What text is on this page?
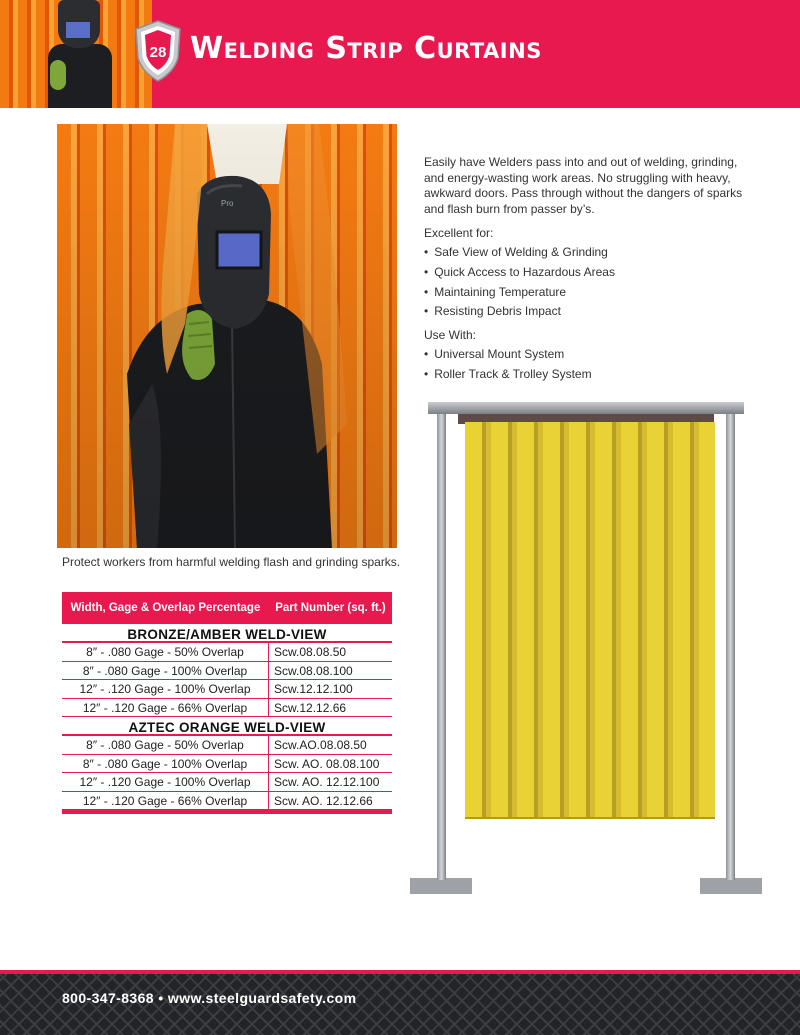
28 Welding Strip Curtains
Protect workers from harmful welding flash and grinding sparks.
Width, Gage & Overlap Percentage	Part Number (sq. ft.)
BRONZE/AMBER WELD-VIEW
8″ - .080 Gage - 50% Overlap	Scw.08.08.50
8″ - .080 Gage - 100% Overlap	Scw.08.08.100
12″ - .120 Gage - 100% Overlap	Scw.12.12.100
12″ - .120 Gage - 66% Overlap	Scw.12.12.66
AZTEC ORANGE WELD-VIEW
8″ - .080 Gage - 50% Overlap	Scw.AO.08.08.50
8″ - .080 Gage - 100% Overlap	Scw. AO. 08.08.100
12″ - .120 Gage - 100% Overlap	Scw. AO. 12.12.100
12″ - .120 Gage - 66% Overlap	Scw. AO. 12.12.66
Easily have Welders pass into and out of welding, grinding, and energy-wasting work areas. No struggling with heavy, awkward doors. Pass through without the dangers of sparks and flash burn from passer by’s.
Excellent for:
• Safe View of Welding & Grinding
• Quick Access to Hazardous Areas
• Maintaining Temperature
• Resisting Debris Impact
Use With:
• Universal Mount System
• Roller Track & Trolley System
800-347-8368 • www.steelguardsafety.com
